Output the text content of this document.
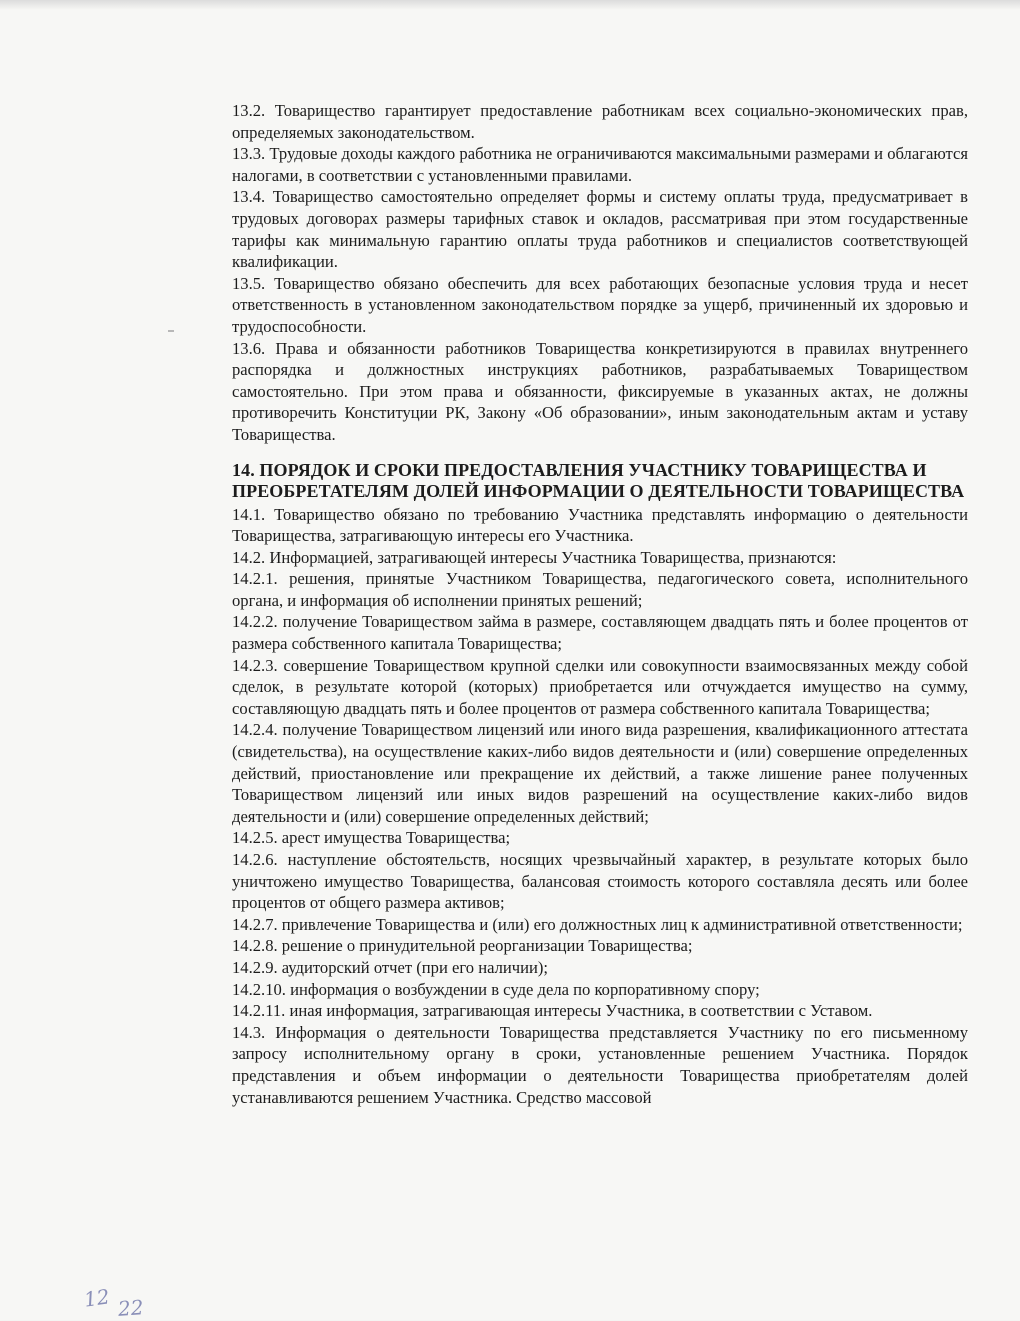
13.2. Товарищество гарантирует предоставление работникам всех социально-экономических прав, определяемых законодательством.

13.3. Трудовые доходы каждого работника не ограничиваются максимальными размерами и облагаются налогами, в соответствии с установленными правилами.

13.4. Товарищество самостоятельно определяет формы и систему оплаты труда, предусматривает в трудовых договорах размеры тарифных ставок и окладов, рассматривая при этом государственные тарифы как минимальную гарантию оплаты труда работников и специалистов соответствующей квалификации.

13.5. Товарищество обязано обеспечить для всех работающих безопасные условия труда и несет ответственность в установленном законодательством порядке за ущерб, причиненный их здоровью и трудоспособности.

13.6. Права и обязанности работников Товарищества конкретизируются в правилах внутреннего распорядка и должностных инструкциях работников, разрабатываемых Товариществом самостоятельно. При этом права и обязанности, фиксируемые в указанных актах, не должны противоречить Конституции РК, Закону «Об образовании», иным законодательным актам и уставу Товарищества.

14. ПОРЯДОК И СРОКИ ПРЕДОСТАВЛЕНИЯ УЧАСТНИКУ ТОВАРИЩЕСТВА И ПРЕОБРЕТАТЕЛЯМ ДОЛЕЙ ИНФОРМАЦИИ О ДЕЯТЕЛЬНОСТИ ТОВАРИЩЕСТВА

14.1. Товарищество обязано по требованию Участника представлять информацию о деятельности Товарищества, затрагивающую интересы его Участника.

14.2. Информацией, затрагивающей интересы Участника Товарищества, признаются:

14.2.1. решения, принятые Участником Товарищества, педагогического совета, исполнительного органа, и информация об исполнении принятых решений;

14.2.2. получение Товариществом займа в размере, составляющем двадцать пять и более процентов от размера собственного капитала Товарищества;

14.2.3. совершение Товариществом крупной сделки или совокупности взаимосвязанных между собой сделок, в результате которой (которых) приобретается или отчуждается имущество на сумму, составляющую двадцать пять и более процентов от размера собственного капитала Товарищества;

14.2.4. получение Товариществом лицензий или иного вида разрешения, квалификационного аттестата (свидетельства), на осуществление каких-либо видов деятельности и (или) совершение определенных действий, приостановление или прекращение их действий, а также лишение ранее полученных Товариществом лицензий или иных видов разрешений на осуществление каких-либо видов деятельности и (или) совершение определенных действий;

14.2.5. арест имущества Товарищества;

14.2.6. наступление обстоятельств, носящих чрезвычайный характер, в результате которых было уничтожено имущество Товарищества, балансовая стоимость которого составляла десять или более процентов от общего размера активов;

14.2.7. привлечение Товарищества и (или) его должностных лиц к административной ответственности;

14.2.8. решение о принудительной реорганизации Товарищества;

14.2.9. аудиторский отчет (при его наличии);

14.2.10. информация о возбуждении в суде дела по корпоративному спору;

14.2.11. иная информация, затрагивающая интересы Участника, в соответствии с Уставом.

14.3. Информация о деятельности Товарищества представляется Участнику по его письменному запросу исполнительному органу в сроки, установленные решением Участника. Порядок представления и объем информации о деятельности Товарищества приобретателям долей устанавливаются решением Участника. Средство массовой

12 22
